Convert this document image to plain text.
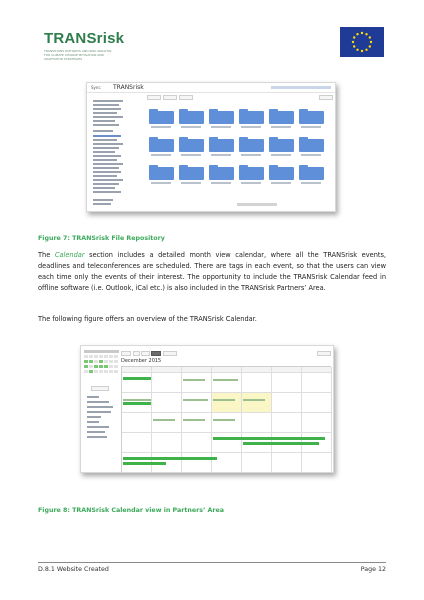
TRANSrisk
TRANSITIONS PATHWAYS AND RISK ANALYSIS FOR CLIMATE CHANGE MITIGATION AND ADAPTATION STRATEGIES
Sync TRANSrisk
Figure 7: TRANSrisk File Repository

The Calendar section includes a detailed month view calendar, where all the TRANSrisk events, deadlines and teleconferences are scheduled. There are tags in each event, so that the users can view each time only the events of their interest. The opportunity to include the TRANSrisk Calendar feed in offline software (i.e. Outlook, iCal etc.) is also included in the TRANSrisk Partners’ Area.

The following figure offers an overview of the TRANSrisk Calendar.

December 2015
Figure 8: TRANSrisk Calendar view in Partners’ Area
D.8.1 Website Created	Page 12
